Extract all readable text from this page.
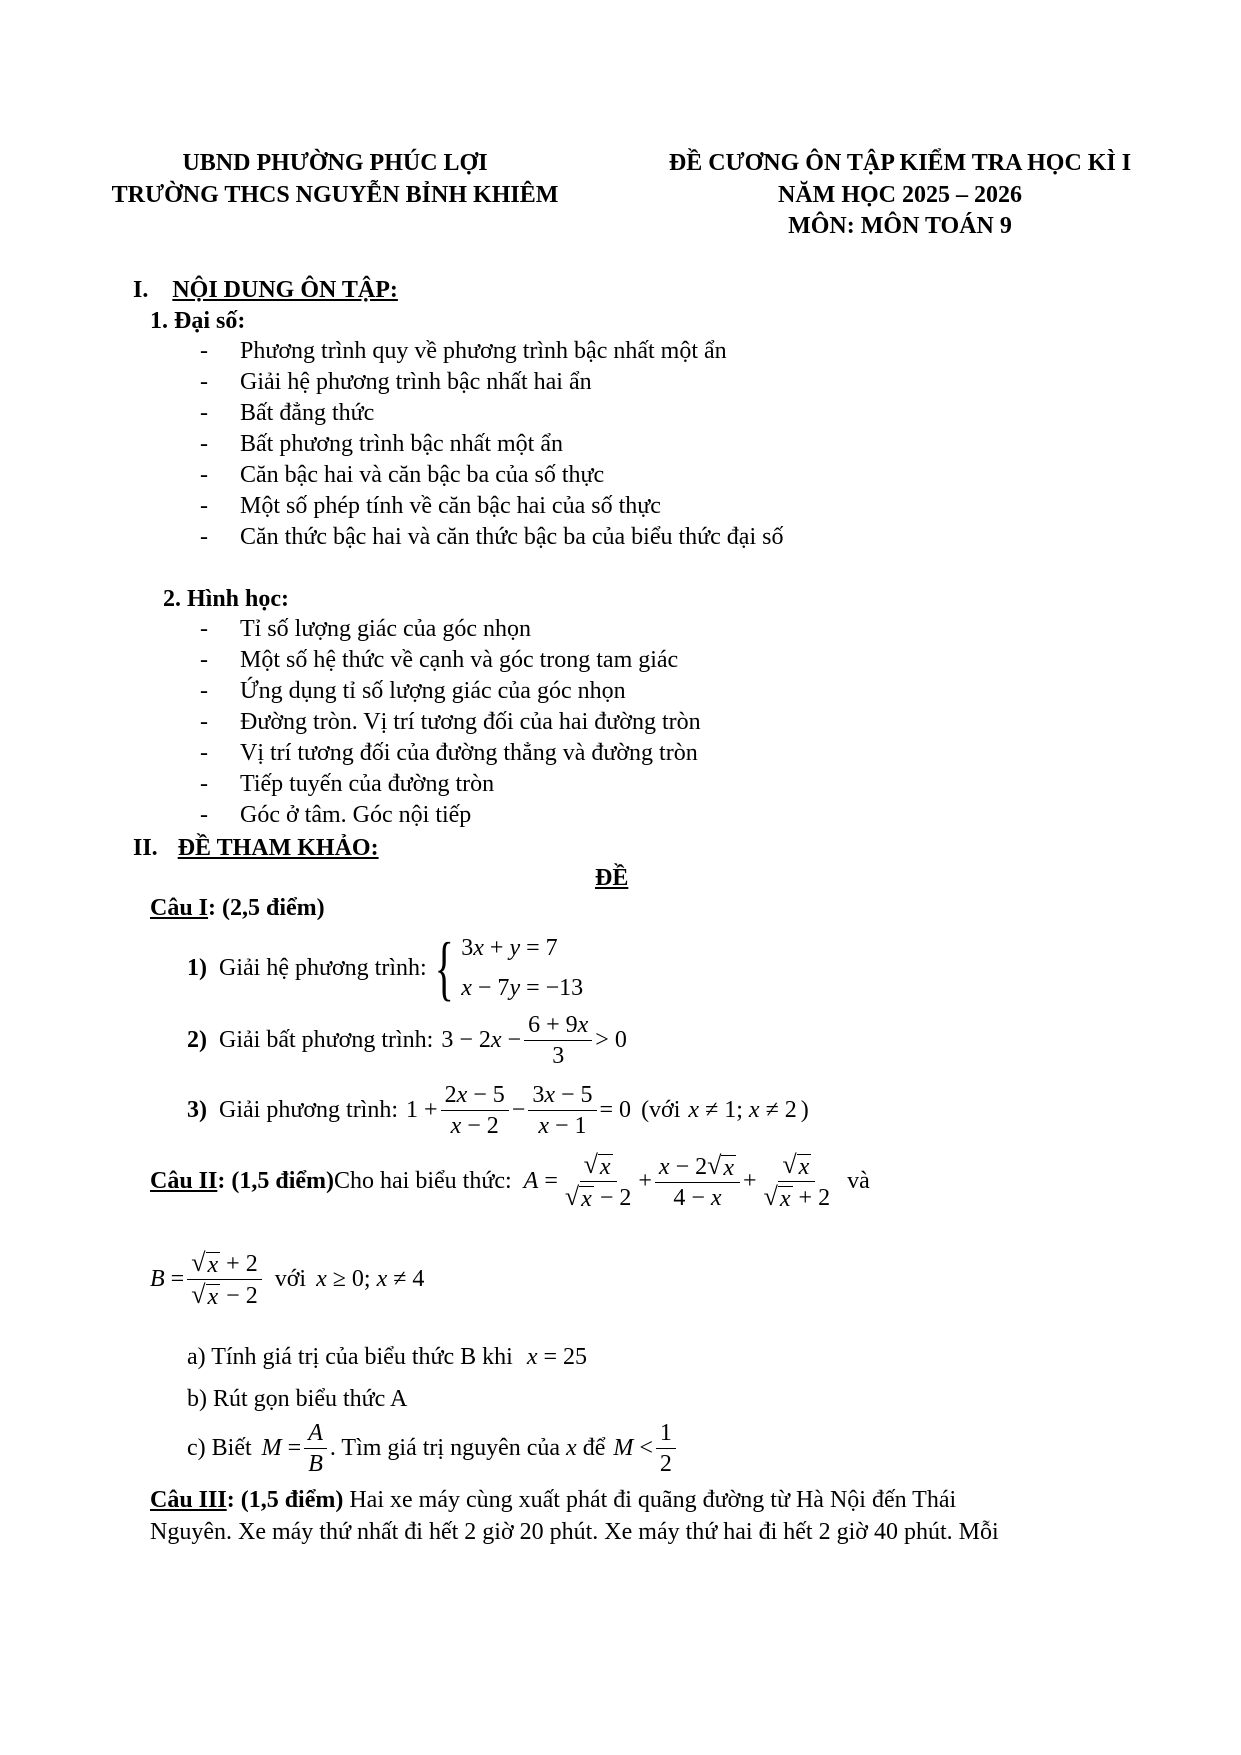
UBND PHƯỜNG PHÚC LỢI
TRƯỜNG THCS NGUYỄN BỈNH KHIÊM
ĐỀ CƯƠNG ÔN TẬP KIỂM TRA HỌC KÌ I
NĂM HỌC 2025 – 2026
MÔN: MÔN TOÁN 9
I. NỘI DUNG ÔN TẬP:
1. Đại số:
- Phương trình quy về phương trình bậc nhất một ẩn
- Giải hệ phương trình bậc nhất hai ẩn
- Bất đẳng thức
- Bất phương trình bậc nhất một ẩn
- Căn bậc hai và căn bậc ba của số thực
- Một số phép tính về căn bậc hai của số thực
- Căn thức bậc hai và căn thức bậc ba của biểu thức đại số
2. Hình học:
- Tỉ số lượng giác của góc nhọn
- Một số hệ thức về cạnh và góc trong tam giác
- Ứng dụng tỉ số lượng giác của góc nhọn
- Đường tròn. Vị trí tương đối của hai đường tròn
- Vị trí tương đối của đường thẳng và đường tròn
- Tiếp tuyến của đường tròn
- Góc ở tâm. Góc nội tiếp
II. ĐỀ THAM KHẢO:
ĐỀ
Câu I: (2,5 điểm)
1) Giải hệ phương trình: { 3x + y = 7
x − 7y = −13
2) Giải bất phương trình: $3 - 2x - \frac{6 + 9x}{3} > 0$
3) Giải phương trình: $1 + \frac{2x - 5}{x - 2} - \frac{3x - 5}{x - 1} = 0$ (với x ≠ 1; x ≠ 2 )
Câu II: (1,5 điểm) Cho hai biểu thức: $A = \frac{√ x}{√ x - 2} + \frac{x - 2 √ x}{4 - x} + \frac{√ x}{√ x + 2}$ và
$B = \frac{√ x + 2}{√ x - 2}$ với x ≥ 0; x ≠ 4
a) Tính giá trị của biểu thức B khi x = 25
b) Rút gọn biểu thức A
c) Biết $M = \frac{A}{B}$ . Tìm giá trị nguyên của x để $M < \frac{1}{2}$
Câu III: (1,5 điểm) Hai xe máy cùng xuất phát đi quãng đường từ Hà Nội đến Thái
Nguyên. Xe máy thứ nhất đi hết 2 giờ 20 phút. Xe máy thứ hai đi hết 2 giờ 40 phút. Mỗi
